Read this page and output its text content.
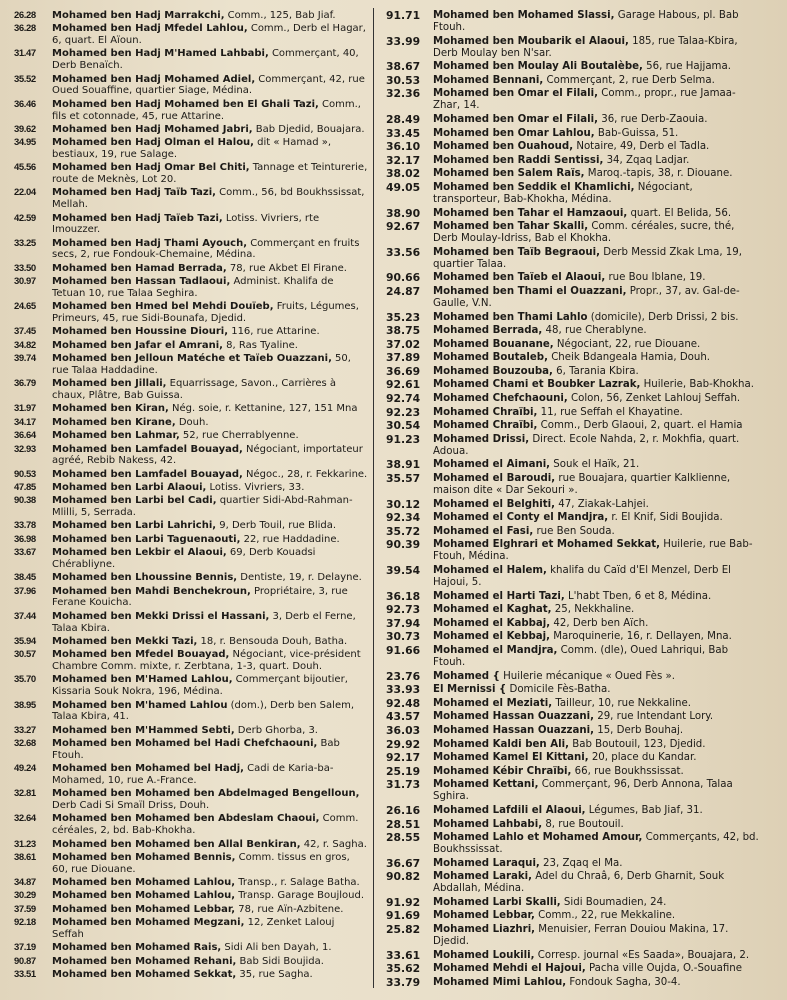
26.28	Mohamed ben Hadj Marrakchi, Comm., 125, Bab Jiaf.
36.28	Mohamed ben Hadj Mfedel Lahlou, Comm., Derb el Hagar, 6, quart. El Aïoun.
31.47	Mohamed ben Hadj M'Hamed Lahbabi, Commerçant, 40, Derb Benaïch.
35.52	Mohamed ben Hadj Mohamed Adiel, Commerçant, 42, rue Oued Souaffine, quartier Siage, Médina.
36.46	Mohamed ben Hadj Mohamed ben El Ghali Tazi, Comm., fils et cotonnade, 45, rue Attarine.
39.62	Mohamed ben Hadj Mohamed Jabri, Bab Djedid, Bouajara.
34.95	Mohamed ben Hadj Olman el Halou, dit « Hamad », bestiaux, 19, rue Salage.
45.56	Mohamed ben Hadj Omar Bel Chiti, Tannage et Teinturerie, route de Meknès, Lot 20.
22.04	Mohamed ben Hadj Taïb Tazi, Comm., 56, bd Boukhssissat, Mellah.
42.59	Mohamed ben Hadj Taïeb Tazi, Lotiss. Vivriers, rte Imouzzer.
33.25	Mohamed ben Hadj Thami Ayouch, Commerçant en fruits secs, 2, rue Fondouk-Chemaine, Médina.
33.50	Mohamed ben Hamad Berrada, 78, rue Akbet El Firane.
30.97	Mohamed ben Hassan Tadlaoui, Administ. Khalifa de Tetuan 10, rue Talaa Seghira.
24.65	Mohamed ben Hmed bel Mehdi Douïeb, Fruits, Légumes, Primeurs, 45, rue Sidi-Bounafa, Djedid.
37.45	Mohamed ben Houssine Diouri, 116, rue Attarine.
34.82	Mohamed ben Jafar el Amrani, 8, Ras Tyaline.
39.74	Mohamed ben Jelloun Matéche et Taïeb Ouazzani, 50, rue Talaa Haddadine.
36.79	Mohamed ben Jillali, Equarrissage, Savon., Carrières à chaux, Plâtre, Bab Guissa.
31.97	Mohamed ben Kiran, Nég. soie, r. Kettanine, 127, 151 Mna
34.17	Mohamed ben Kirane, Douh.
36.64	Mohamed ben Lahmar, 52, rue Cherrablyenne.
32.93	Mohamed ben Lamfadel Bouayad, Négociant, importateur agréé, Rebib Nakess, 42.
90.53	Mohamed ben Lamfadel Bouayad, Négoc., 28, r. Fekkarine.
47.85	Mohamed ben Larbi Alaoui, Lotiss. Vivriers, 33.
90.38	Mohamed ben Larbi bel Cadi, quartier Sidi-Abd-Rahman-Mlilli, 5, Serrada.
33.78	Mohamed ben Larbi Lahrichi, 9, Derb Touil, rue Blida.
36.98	Mohamed ben Larbi Taguenaouti, 22, rue Haddadine.
33.67	Mohamed ben Lekbir el Alaoui, 69, Derb Kouadsi Chérabliyne.
38.45	Mohamed ben Lhoussine Bennis, Dentiste, 19, r. Delayne.
37.96	Mohamed ben Mahdi Benchekroun, Propriétaire, 3, rue Ferane Kouicha.
37.44	Mohamed ben Mekki Drissi el Hassani, 3, Derb el Ferne, Talaa Kbira.
35.94	Mohamed ben Mekki Tazi, 18, r. Bensouda Douh, Batha.
30.57	Mohamed ben Mfedel Bouayad, Négociant, vice-président Chambre Comm. mixte, r. Zerbtana, 1-3, quart. Douh.
35.70	Mohamed ben M'Hamed Lahlou, Commerçant bijoutier, Kissaria Souk Nokra, 196, Médina.
38.95	Mohamed ben M'hamed Lahlou (dom.), Derb ben Salem, Talaa Kbira, 41.
33.27	Mohamed ben M'Hammed Sebti, Derb Ghorba, 3.
32.68	Mohamed ben Mohamed bel Hadi Chefchaouni, Bab Ftouh.
49.24	Mohamed ben Mohamed bel Hadj, Cadi de Karia-ba-Mohamed, 10, rue A.-France.
32.81	Mohamed ben Mohamed ben Abdelmaged Bengelloun, Derb Cadi Si Smaïl Driss, Douh.
32.64	Mohamed ben Mohamed ben Abdeslam Chaoui, Comm. céréales, 2, bd. Bab-Khokha.
31.23	Mohamed ben Mohamed ben Allal Benkiran, 42, r. Sagha.
38.61	Mohamed ben Mohamed Bennis, Comm. tissus en gros, 60, rue Diouane.
34.87	Mohamed ben Mohamed Lahlou, Transp., r. Salage Batha.
30.29	Mohamed ben Mohamed Lahlou, Transp. Garage Boujloud.
37.59	Mohamed ben Mohamed Lebbar, 78, rue Aïn-Azbitene.
92.18	Mohamed ben Mohamed Megzani, 12, Zenket Lalouj Seffah
37.19	Mohamed ben Mohamed Rais, Sidi Ali ben Dayah, 1.
90.87	Mohamed ben Mohamed Rehani, Bab Sidi Boujida.
33.51	Mohamed ben Mohamed Sekkat, 35, rue Sagha.
91.71	Mohamed ben Mohamed Slassi, Garage Habous, pl. Bab Ftouh.
33.99	Mohamed ben Moubarik el Alaoui, 185, rue Talaa-Kbira, Derb Moulay ben N'sar.
38.67	Mohamed ben Moulay Ali Boutalèbe, 56, rue Hajjama.
30.53	Mohamed Bennani, Commerçant, 2, rue Derb Selma.
32.36	Mohamed ben Omar el Filali, Comm., propr., rue Jamaa-Zhar, 14.
28.49	Mohamed ben Omar el Filali, 36, rue Derb-Zaouia.
33.45	Mohamed ben Omar Lahlou, Bab-Guissa, 51.
36.10	Mohamed ben Ouahoud, Notaire, 49, Derb el Tadla.
32.17	Mohamed ben Raddi Sentissi, 34, Zqaq Ladjar.
38.02	Mohamed ben Salem Raïs, Maroq.-tapis, 38, r. Diouane.
49.05	Mohamed ben Seddik el Khamlichi, Négociant, transporteur, Bab-Khokha, Médina.
38.90	Mohamed ben Tahar el Hamzaoui, quart. El Belida, 56.
92.67	Mohamed ben Tahar Skalli, Comm. céréales, sucre, thé, Derb Moulay-Idriss, Bab el Khokha.
33.56	Mohamed ben Taïb Begraoui, Derb Messid Zkak Lma, 19, quartier Talaa.
90.66	Mohamed ben Taïeb el Alaoui, rue Bou Iblane, 19.
24.87	Mohamed ben Thami el Ouazzani, Propr., 37, av. Gal-de-Gaulle, V.N.
35.23	Mohamed ben Thami Lahlo (domicile), Derb Drissi, 2 bis.
38.75	Mohamed Berrada, 48, rue Cherablyne.
37.02	Mohamed Bouanane, Négociant, 22, rue Diouane.
37.89	Mohamed Boutaleb, Cheik Bdangeala Hamia, Douh.
36.69	Mohamed Bouzouba, 6, Tarania Kbira.
92.61	Mohamed Chami et Boubker Lazrak, Huilerie, Bab-Khokha.
92.74	Mohamed Chefchaouni, Colon, 56, Zenket Lahlouj Seffah.
92.23	Mohamed Chraïbi, 11, rue Seffah el Khayatine.
30.54	Mohamed Chraïbi, Comm., Derb Glaoui, 2, quart. el Hamia
91.23	Mohamed Drissi, Direct. Ecole Nahda, 2, r. Mokhfia, quart. Adoua.
38.91	Mohamed el Aimani, Souk el Haïk, 21.
35.57	Mohamed el Baroudi, rue Bouajara, quartier Kalklienne, maison dite « Dar Sekouri ».
30.12	Mohamed el Belghiti, 47, Ziakak-Lahjei.
92.34	Mohamed el Conty el Mandjra, r. El Knif, Sidi Boujida.
35.72	Mohamed el Fasi, rue Ben Souda.
90.39	Mohamed Elghrari et Mohamed Sekkat, Huilerie, rue Bab-Ftouh, Médina.
39.54	Mohamed el Halem, khalifa du Caïd d'El Menzel, Derb El Hajoui, 5.
36.18	Mohamed el Harti Tazi, L'habt Tben, 6 et 8, Médina.
92.73	Mohamed el Kaghat, 25, Nekkhaline.
37.94	Mohamed el Kabbaj, 42, Derb ben Aïch.
30.73	Mohamed el Kebbaj, Maroquinerie, 16, r. Dellayen, Mna.
91.66	Mohamed el Mandjra, Comm. (dle), Oued Lahriqui, Bab Ftouh.
23.76	Mohamed { Huilerie mécanique « Oued Fès ».
33.93	El Mernissi { Domicile Fès-Batha.
92.48	Mohamed el Meziati, Tailleur, 10, rue Nekkaline.
43.57	Mohamed Hassan Ouazzani, 29, rue Intendant Lory.
36.03	Mohamed Hassan Ouazzani, 15, Derb Bouhaj.
29.92	Mohamed Kaldi ben Ali, Bab Boutouil, 123, Djedid.
92.17	Mohamed Kamel El Kittani, 20, place du Kandar.
25.19	Mohamed Kébir Chraïbi, 66, rue Boukhssissat.
31.73	Mohamed Kettani, Commerçant, 96, Derb Annona, Talaa Sghira.
26.16	Mohamed Lafdili el Alaoui, Légumes, Bab Jiaf, 31.
28.51	Mohamed Lahbabi, 8, rue Boutouil.
28.55	Mohamed Lahlo et Mohamed Amour, Commerçants, 42, bd. Boukhssissat.
36.67	Mohamed Laraqui, 23, Zqaq el Ma.
90.82	Mohamed Laraki, Adel du Chraâ, 6, Derb Gharnit, Souk Abdallah, Médina.
91.92	Mohamed Larbi Skalli, Sidi Boumadien, 24.
91.69	Mohamed Lebbar, Comm., 22, rue Mekkaline.
25.82	Mohamed Liazhri, Menuisier, Ferran Douiou Makina, 17. Djedid.
33.61	Mohamed Loukili, Corresp. journal «Es Saada», Bouajara, 2.
35.62	Mohamed Mehdi el Hajoui, Pacha ville Oujda, O.-Souafine
33.79	Mohamed Mimi Lahlou, Fondouk Sagha, 30-4.
